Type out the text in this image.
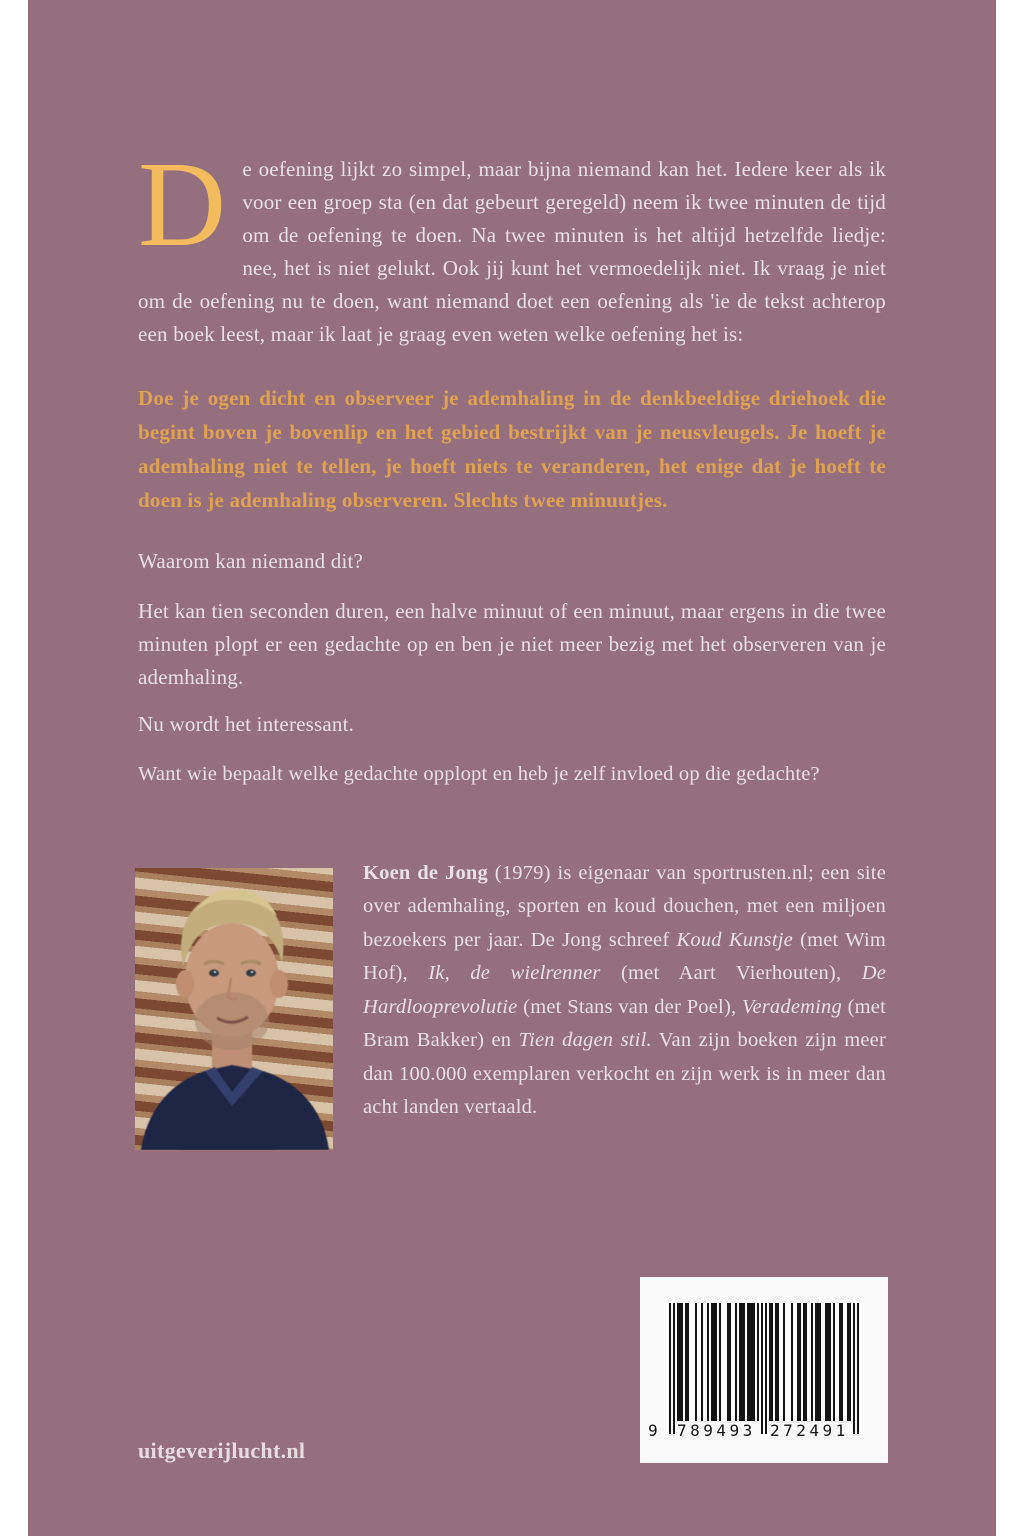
De oefening lijkt zo simpel, maar bijna niemand kan het. Iedere keer als ik voor een groep sta (en dat gebeurt geregeld) neem ik twee minuten de tijd om de oefening te doen. Na twee minuten is het altijd hetzelfde liedje: nee, het is niet gelukt. Ook jij kunt het vermoedelijk niet. Ik vraag je niet om de oefening nu te doen, want niemand doet een oefening als 'ie de tekst achterop een boek leest, maar ik laat je graag even weten welke oefening het is:

Doe je ogen dicht en observeer je ademhaling in de denkbeeldige driehoek die begint boven je bovenlip en het gebied bestrijkt van je neusvleugels. Je hoeft je ademhaling niet te tellen, je hoeft niets te veranderen, het enige dat je hoeft te doen is je ademhaling observeren. Slechts twee minuutjes.

Waarom kan niemand dit?

Het kan tien seconden duren, een halve minuut of een minuut, maar ergens in die twee minuten plopt er een gedachte op en ben je niet meer bezig met het observeren van je ademhaling.

Nu wordt het interessant.

Want wie bepaalt welke gedachte opplopt en heb je zelf invloed op die gedachte?

Koen de Jong (1979) is eigenaar van sportrusten.nl; een site over ademhaling, sporten en koud douchen, met een miljoen bezoekers per jaar. De Jong schreef Koud Kunstje (met Wim Hof), Ik, de wielrenner (met Aart Vierhouten), De Hardlooprevolutie (met Stans van der Poel), Verademing (met Bram Bakker) en Tien dagen stil. Van zijn boeken zijn meer dan 100.000 exemplaren verkocht en zijn werk is in meer dan acht landen vertaald.

9 789493 272491
uitgeverijlucht.nl
